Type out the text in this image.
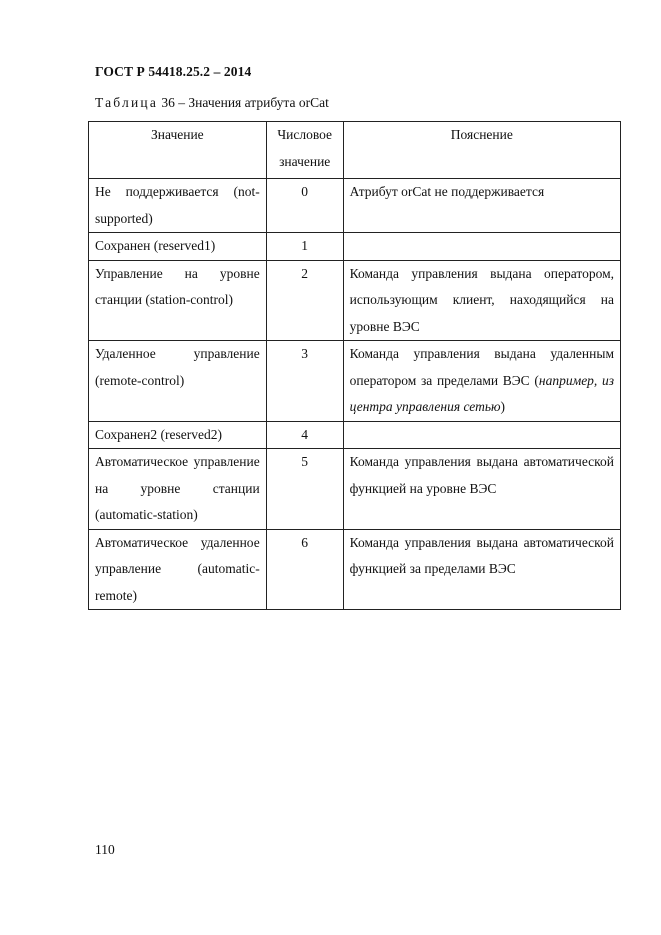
ГОСТ Р 54418.25.2 – 2014
Таблица 36 – Значения атрибута orCat
Значение	Числовое значение	Пояснение
Не поддерживается (not-supported)	0	Атрибут orCat не поддерживается
Сохранен (reserved1)	1	
Управление на уровне станции (station-control)	2	Команда управления выдана оператором, использующим клиент, находящийся на уровне ВЭС
Удаленное управление (remote-control)	3	Команда управления выдана удаленным оператором за пределами ВЭС (например, из центра управления сетью)
Сохранен2 (reserved2)	4	
Автоматическое управление на уровне станции (automatic-station)	5	Команда управления выдана автоматической функцией на уровне ВЭС
Автоматическое удаленное управление (automatic-remote)	6	Команда управления выдана автоматической функцией за пределами ВЭС
110
